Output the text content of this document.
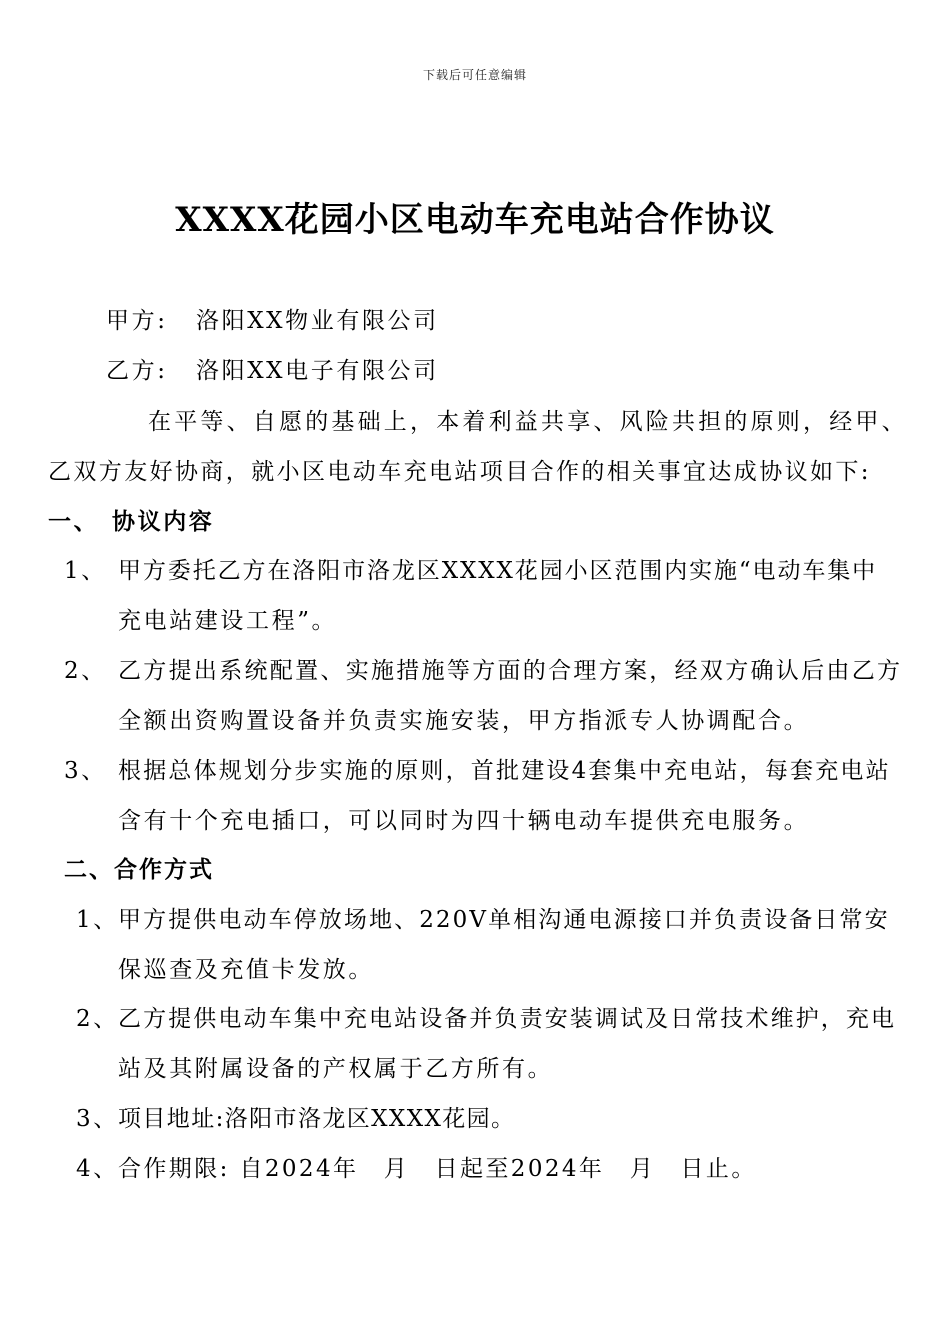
下载后可任意编辑
XXXX花园小区电动车充电站合作协议
甲方: 洛阳XX物业有限公司
乙方: 洛阳XX电子有限公司
在平等、自愿的基础上，本着利益共享、风险共担的原则，经甲、
乙双方友好协商，就小区电动车充电站项目合作的相关事宜达成协议如下:
一、 协议内容
1、 甲方委托乙方在洛阳市洛龙区XXXX花园小区范围内实施“电动车集中
充电站建设工程”。
2、 乙方提出系统配置、实施措施等方面的合理方案，经双方确认后由乙方
全额出资购置设备并负责实施安装，甲方指派专人协调配合。
3、 根据总体规划分步实施的原则，首批建设4套集中充电站，每套充电站
含有十个充电插口，可以同时为四十辆电动车提供充电服务。
二、合作方式
1、 甲方提供电动车停放场地、220V单相沟通电源接口并负责设备日常安
保巡查及充值卡发放。
2、 乙方提供电动车集中充电站设备并负责安装调试及日常技术维护，充电
站及其附属设备的产权属于乙方所有。
3、 项目地址:洛阳市洛龙区XXXX花园。
4、 合作期限: 自2024年　月　日起至2024年　月　日止。
